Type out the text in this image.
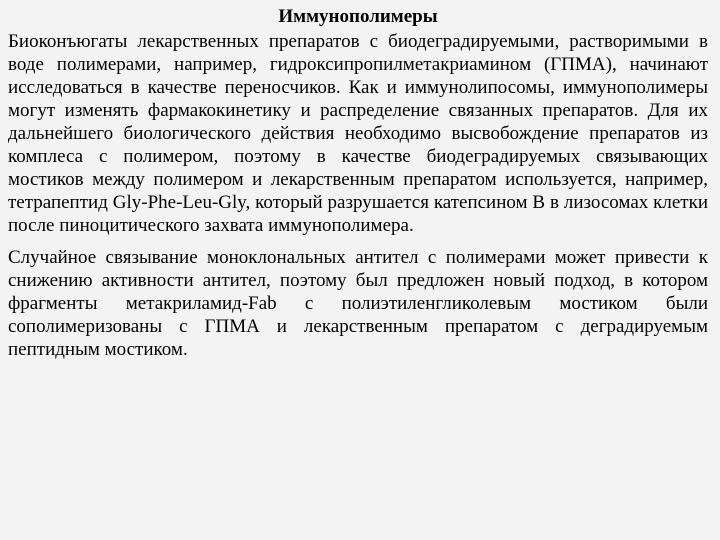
Иммунополимеры

Биоконъюгаты лекарственных препаратов с биодеградируемыми, растворимыми в воде полимерами, например, гидроксипропилметакриамином (ГПМА), начинают исследоваться в качестве переносчиков. Как и иммунолипосомы, иммунополимеры могут изменять фармакокинетику и распределение связанных препаратов. Для их дальнейшего биологического действия необходимо высвобождение препаратов из комплеса с полимером, поэтому в качестве биодеградируемых связывающих мостиков между полимером и лекарственным препаратом используется, например, тетрапептид Gly-Phe-Leu-Gly, который разрушается катепсином В в лизосомах клетки после пиноцитического захвата иммунополимера.

Случайное связывание моноклональных антител с полимерами может привести к снижению активности антител, поэтому был предложен новый подход, в котором фрагменты метакриламид-Fab с полиэтиленгликолевым мостиком были сополимеризованы с ГПМА и лекарственным препаратом с деградируемым пептидным мостиком.
